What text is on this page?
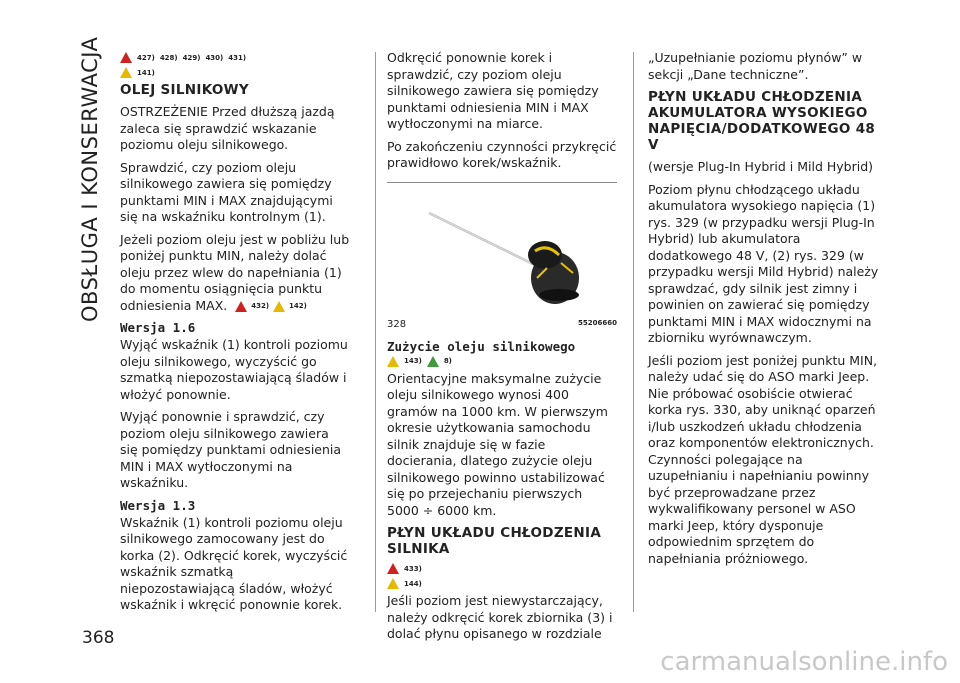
OBSŁUGA I KONSERWACJA
368
427) 428) 429) 430) 431)
141)
OLEJ SILNIKOWY

OSTRZEŻENIE Przed dłuższą jazdą zaleca się sprawdzić wskazanie poziomu oleju silnikowego.

Sprawdzić, czy poziom oleju silnikowego zawiera się pomiędzy punktami MIN i MAX znajdującymi się na wskaźniku kontrolnym (1).

Jeżeli poziom oleju jest w pobliżu lub poniżej punktu MIN, należy dolać oleju przez wlew do napełniania (1) do momentu osiągnięcia punktu odniesienia MAX.	432)	142)

Wersja 1.6

Wyjąć wskaźnik (1) kontroli poziomu oleju silnikowego, wyczyścić go szmatką niepozostawiającą śladów i włożyć ponownie.

Wyjąć ponownie i sprawdzić, czy poziom oleju silnikowego zawiera się pomiędzy punktami odniesienia MIN i MAX wytłoczonymi na wskaźniku.

Wersja 1.3

Wskaźnik (1) kontroli poziomu oleju silnikowego zamocowany jest do korka (2). Odkręcić korek, wyczyścić wskaźnik szmatką niepozostawiającą śladów, włożyć wskaźnik i wkręcić ponownie korek.

Odkręcić ponownie korek i sprawdzić, czy poziom oleju silnikowego zawiera się pomiędzy punktami odniesienia MIN i MAX wytłoczonymi na miarce.

Po zakończeniu czynności przykręcić prawidłowo korek/wskaźnik.

328	55206660
Zużycie oleju silnikowego
143)	8)

Orientacyjne maksymalne zużycie oleju silnikowego wynosi 400 gramów na 1000 km. W pierwszym okresie użytkowania samochodu silnik znajduje się w fazie docierania, dlatego zużycie oleju silnikowego powinno ustabilizować się po przejechaniu pierwszych 5000 ÷ 6000 km.

PŁYN UKŁADU CHŁODZENIA SILNIKA
433)
144)

Jeśli poziom jest niewystarczający, należy odkręcić korek zbiornika (3) i dolać płynu opisanego w rozdziale

„Uzupełnianie poziomu płynów” w sekcji „Dane techniczne”.

PŁYN UKŁADU CHŁODZENIA AKUMULATORA WYSOKIEGO NAPIĘCIA/DODATKOWEGO 48 V

(wersje Plug-In Hybrid i Mild Hybrid)

Poziom płynu chłodzącego układu akumulatora wysokiego napięcia (1) rys. 329 (w przypadku wersji Plug-In Hybrid) lub akumulatora dodatkowego 48 V, (2) rys. 329 (w przypadku wersji Mild Hybrid) należy sprawdzać, gdy silnik jest zimny i powinien on zawierać się pomiędzy punktami MIN i MAX widocznymi na zbiorniku wyrównawczym.

Jeśli poziom jest poniżej punktu MIN, należy udać się do ASO marki Jeep. Nie próbować osobiście otwierać korka rys. 330, aby uniknąć oparzeń i/lub uszkodzeń układu chłodzenia oraz komponentów elektronicznych. Czynności polegające na uzupełnianiu i napełnianiu powinny być przeprowadzane przez wykwalifikowany personel w ASO marki Jeep, który dysponuje odpowiednim sprzętem do napełniania próżniowego.

carmanualsonline.info
